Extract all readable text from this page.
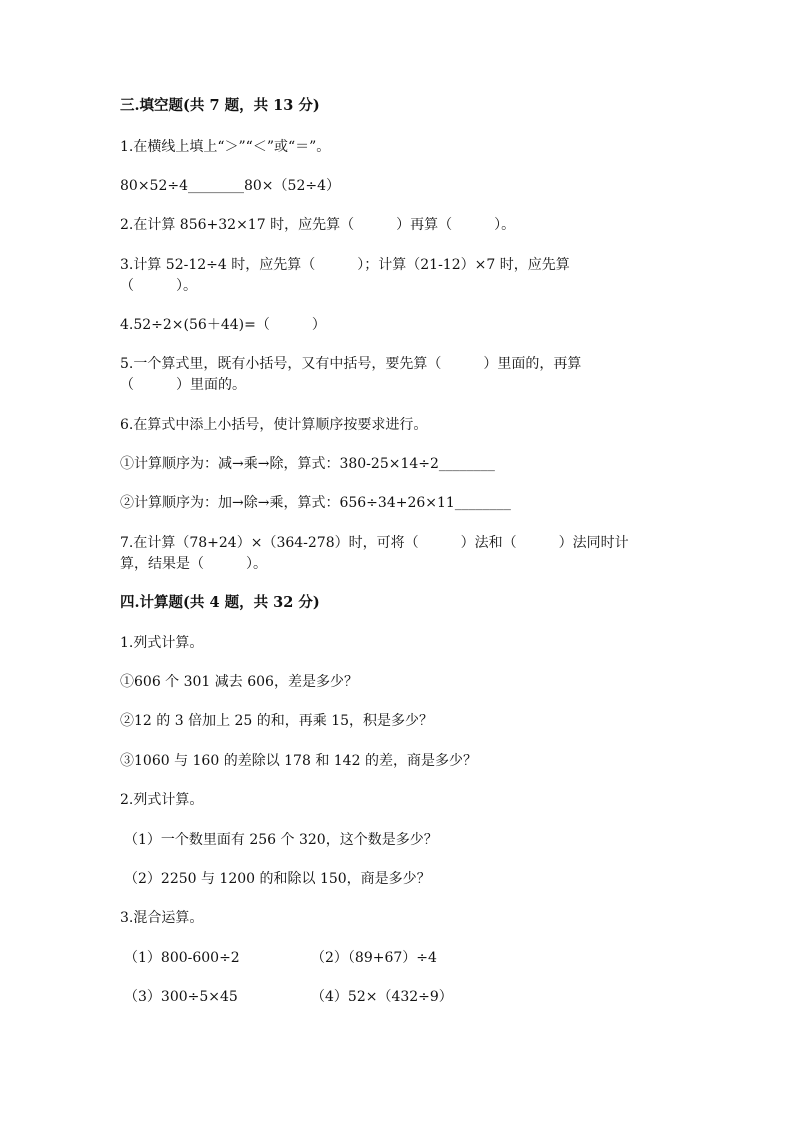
三.填空题(共 7 题，共 13 分)
1.在横线上填上“＞”“＜”或“＝”。
80×52÷4________80×（52÷4）
2.在计算 856+32×17 时，应先算（　　　）再算（　　　）。
3.计算 52-12÷4 时，应先算（　　　）；计算（21-12）×7 时，应先算
（　　　）。
4.52÷2×(56＋44)=（　　　）
5.一个算式里，既有小括号，又有中括号，要先算（　　　）里面的，再算
（　　　）里面的。
6.在算式中添上小括号，使计算顺序按要求进行。
①计算顺序为：减→乘→除，算式：380-25×14÷2________
②计算顺序为：加→除→乘，算式：656÷34+26×11________
7.在计算（78+24）×（364-278）时，可将（　　　）法和（　　　）法同时计
算，结果是（　　　）。
四.计算题(共 4 题，共 32 分)
1.列式计算。
①606 个 301 减去 606，差是多少？
②12 的 3 倍加上 25 的和，再乘 15，积是多少？
③1060 与 160 的差除以 178 和 142 的差，商是多少？
2.列式计算。
（1）一个数里面有 256 个 320，这个数是多少？
（2）2250 与 1200 的和除以 150，商是多少？
3.混合运算。
（1）800-600÷2	（2）（89+67）÷4
（3）300÷5×45	（4）52×（432÷9）
